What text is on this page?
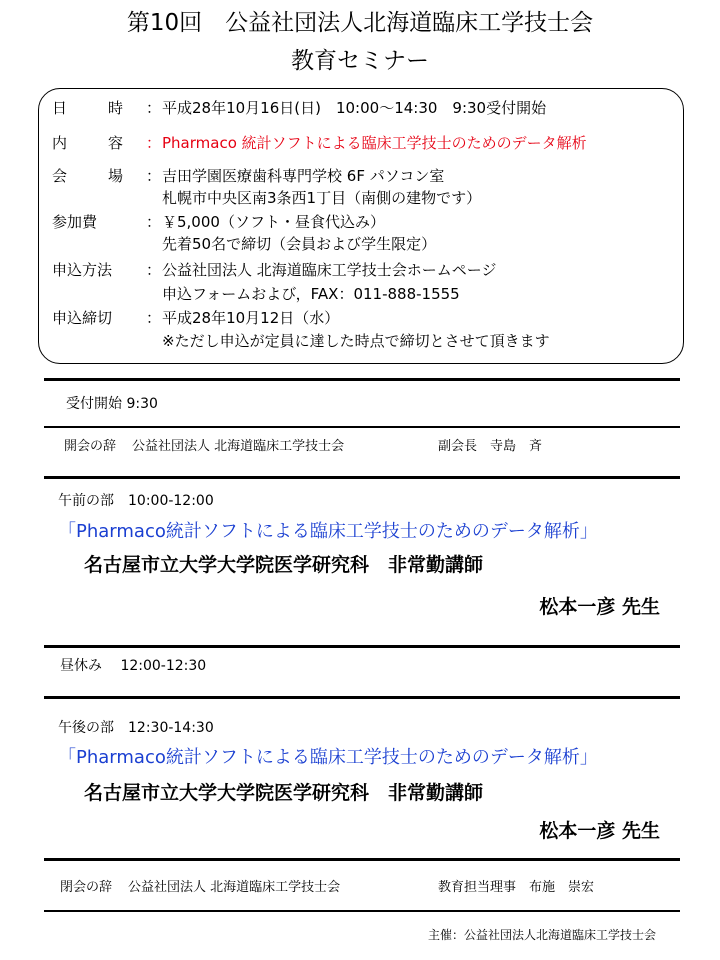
第10回　公益社団法人北海道臨床工学技士会
教育セミナー
日　時 ： 平成28年10月16日(日)　10:00～14:30　9:30受付開始
内　容 ： Pharmaco 統計ソフトによる臨床工学技士のためのデータ解析
会　場 ： 吉田学園医療歯科専門学校 6F パソコン室
札幌市中央区南3条西1丁目（南側の建物です）
参加費	： ￥5,000（ソフト・昼食代込み）
先着50名で締切（会員および学生限定）
申込方法 ： 公益社団法人 北海道臨床工学技士会ホームページ
申込フォームおよび，FAX：011-888-1555
申込締切 ： 平成28年10月12日（水）
※ただし申込が定員に達した時点で締切とさせて頂きます
受付開始 9:30
開会の辞 公益社団法人 北海道臨床工学技士会	副会長　寺島　斉
午前の部　10:00-12:00
「Pharmaco統計ソフトによる臨床工学技士のためのデータ解析」
名古屋市立大学大学院医学研究科　非常勤講師
松本一彦 先生
昼休み　 12:00-12:30
午後の部　12:30-14:30
「Pharmaco統計ソフトによる臨床工学技士のためのデータ解析」
名古屋市立大学大学院医学研究科　非常勤講師
松本一彦 先生
閉会の辞 公益社団法人 北海道臨床工学技士会	教育担当理事　布施　崇宏
主催：公益社団法人北海道臨床工学技士会
